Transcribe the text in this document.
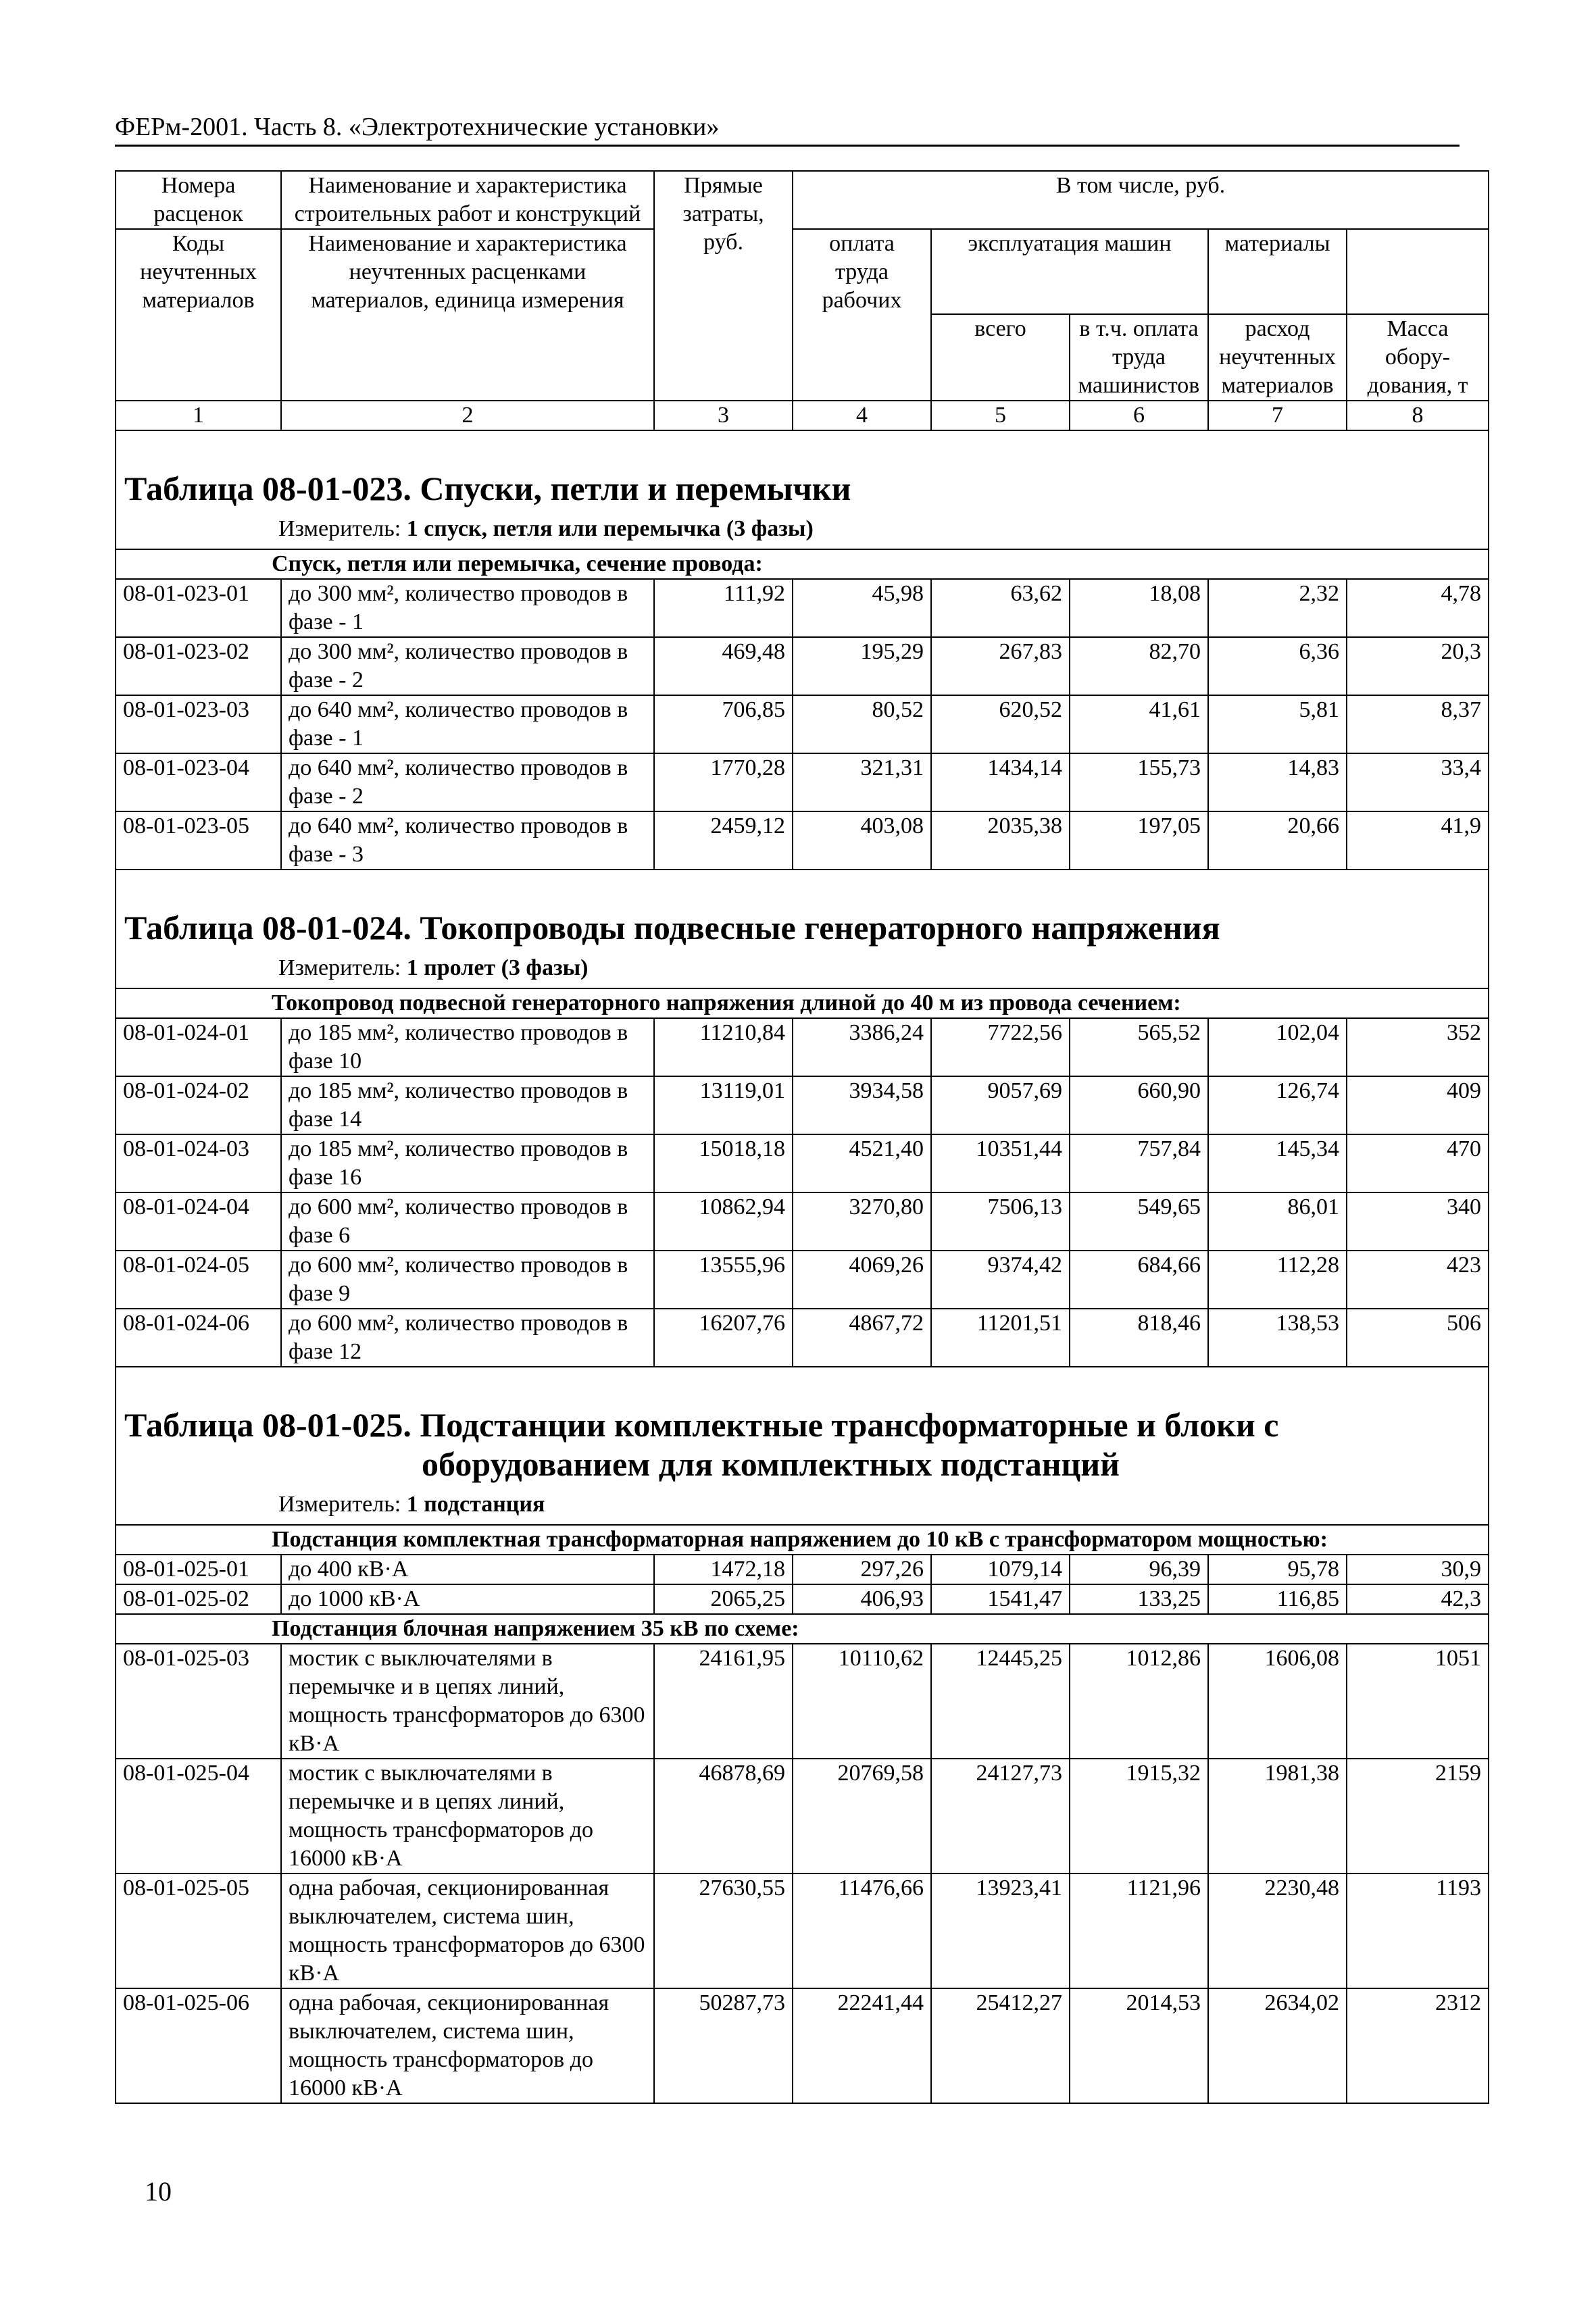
ФЕРм-2001. Часть 8. «Электротехнические установки»
Номера расценок	Наименование и характеристика строительных работ и конструкций	Прямые затраты, руб.	В том числе, руб.	
Коды неучтенных материалов	Наименование и характеристика неучтенных расценками материалов, единица измерения		оплата труда рабочих	эксплуатация машин		материалы		
				всего	в т.ч. оплата труда машинистов	расход неучтенных материалов	Масса обору-дования, т	
1	2	3	4	5	6	7	8	

Таблица 08-01-023. Спуски, петли и перемычки
Измеритель: 1 спуск, петля или перемычка (3 фазы)								

Спуск, петля или перемычка, сечение провода:								
08-01-023-01	до 300 мм², количество проводов в фазе - 1	111,92	45,98	63,62	18,08	2,32	4,78	
08-01-023-02	до 300 мм², количество проводов в фазе - 2	469,48	195,29	267,83	82,70	6,36	20,3	
08-01-023-03	до 640 мм², количество проводов в фазе - 1	706,85	80,52	620,52	41,61	5,81	8,37	
08-01-023-04	до 640 мм², количество проводов в фазе - 2	1770,28	321,31	1434,14	155,73	14,83	33,4	
08-01-023-05	до 640 мм², количество проводов в фазе - 3	2459,12	403,08	2035,38	197,05	20,66	41,9	

Таблица 08-01-024. Токопроводы подвесные генераторного напряжения
Измеритель: 1 пролет (3 фазы)								

Токопровод подвесной генераторного напряжения длиной до 40 м из провода сечением:								
08-01-024-01	до 185 мм², количество проводов в фазе 10	11210,84	3386,24	7722,56	565,52	102,04	352	
08-01-024-02	до 185 мм², количество проводов в фазе 14	13119,01	3934,58	9057,69	660,90	126,74	409	
08-01-024-03	до 185 мм², количество проводов в фазе 16	15018,18	4521,40	10351,44	757,84	145,34	470	
08-01-024-04	до 600 мм², количество проводов в фазе 6	10862,94	3270,80	7506,13	549,65	86,01	340	
08-01-024-05	до 600 мм², количество проводов в фазе 9	13555,96	4069,26	9374,42	684,66	112,28	423	
08-01-024-06	до 600 мм², количество проводов в фазе 12	16207,76	4867,72	11201,51	818,46	138,53	506	

Таблица 08-01-025. Подстанции комплектные трансформаторные и блоки с
оборудованием для комплектных подстанций
Измеритель: 1 подстанция								

Подстанция комплектная трансформаторная напряжением до 10 кВ с трансформатором мощностью:								
08-01-025-01	до 400 кВ·А	1472,18	297,26	1079,14	96,39	95,78	30,9	
08-01-025-02	до 1000 кВ·А	2065,25	406,93	1541,47	133,25	116,85	42,3	
Подстанция блочная напряжением 35 кВ по схеме:								
08-01-025-03	мостик с выключателями в перемычке и в цепях линий, мощность трансформаторов до 6300 кВ·А	24161,95	10110,62	12445,25	1012,86	1606,08	1051	
08-01-025-04	мостик с выключателями в перемычке и в цепях линий, мощность трансформаторов до 16000 кВ·А	46878,69	20769,58	24127,73	1915,32	1981,38	2159	
08-01-025-05	одна рабочая, секционированная выключателем, система шин, мощность трансформаторов до 6300 кВ·А	27630,55	11476,66	13923,41	1121,96	2230,48	1193	
08-01-025-06	одна рабочая, секционированная выключателем, система шин, мощность трансформаторов до 16000 кВ·А	50287,73	22241,44	25412,27	2014,53	2634,02	2312	
10
